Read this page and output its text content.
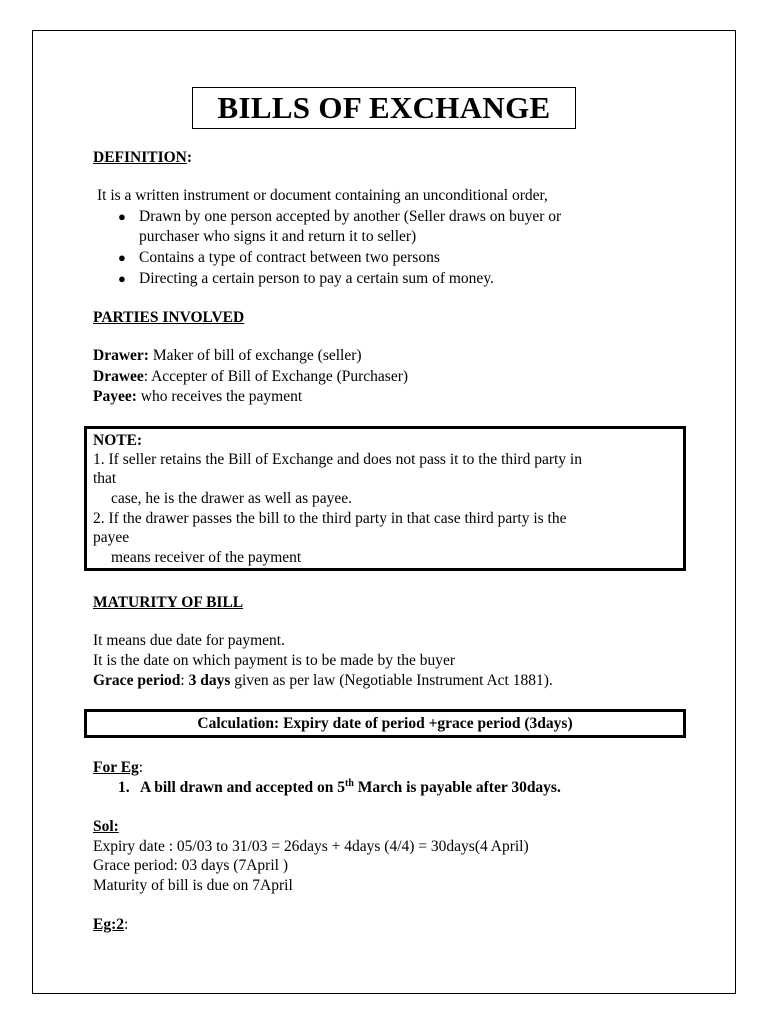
BILLS OF EXCHANGE
DEFINITION:
It is a written instrument or document containing an unconditional order,
● Drawn by one person accepted by another (Seller draws on buyer or
purchaser who signs it and return it to seller)
● Contains a type of contract between two persons
● Directing a certain person to pay a certain sum of money.
PARTIES INVOLVED
Drawer: Maker of bill of exchange (seller)
Drawee: Accepter of Bill of Exchange (Purchaser)
Payee: who receives the payment
NOTE:
1. If seller retains the Bill of Exchange and does not pass it to the third party in
that
case, he is the drawer as well as payee.
2. If the drawer passes the bill to the third party in that case third party is the
payee
means receiver of the payment
MATURITY OF BILL
It means due date for payment.
It is the date on which payment is to be made by the buyer
Grace period: 3 days given as per law (Negotiable Instrument Act 1881).
Calculation: Expiry date of period +grace period (3days)
For Eg:
1. A bill drawn and accepted on 5th March is payable after 30days.
Sol:
Expiry date : 05/03 to 31/03 = 26days + 4days (4/4) = 30days(4 April)
Grace period: 03 days (7April )
Maturity of bill is due on 7April
Eg:2:
